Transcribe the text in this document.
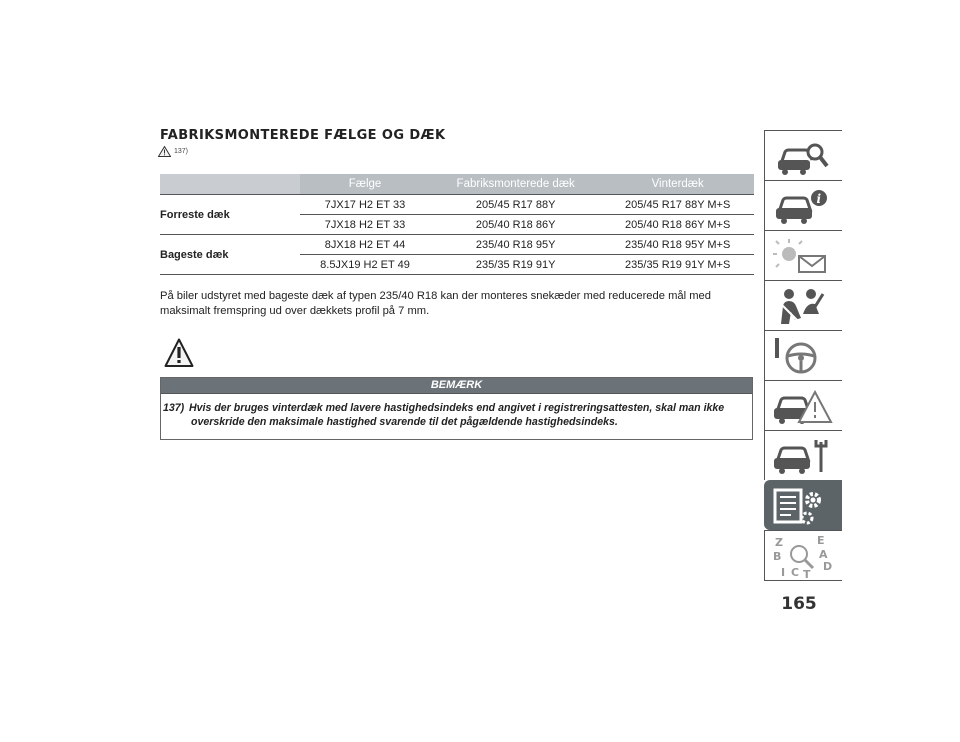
FABRIKSMONTEREDE FÆLGE OG DÆK
137)
	Fælge	Fabriksmonterede dæk	Vinterdæk
Forreste dæk	7JX17 H2 ET 33	205/45 R17 88Y	205/45 R17 88Y M+S
	7JX18 H2 ET 33	205/40 R18 86Y	205/40 R18 86Y M+S
Bageste dæk	8JX18 H2 ET 44	235/40 R18 95Y	235/40 R18 95Y M+S
	8.5JX19 H2 ET 49	235/35 R19 91Y	235/35 R19 91Y M+S

På biler udstyret med bageste dæk af typen 235/40 R18 kan der monteres snekæder med reducerede mål med maksimalt fremspring ud over dækkets profil på 7 mm.

BEMÆRK
137) Hvis der bruges vinterdæk med lavere hastighedsindeks end angivet i registreringsattesten, skal man ikke
overskride den maksimale hastighed svarende til det pågældende hastighedsindeks.
i
Z	E
B	A
I C T
D
165
